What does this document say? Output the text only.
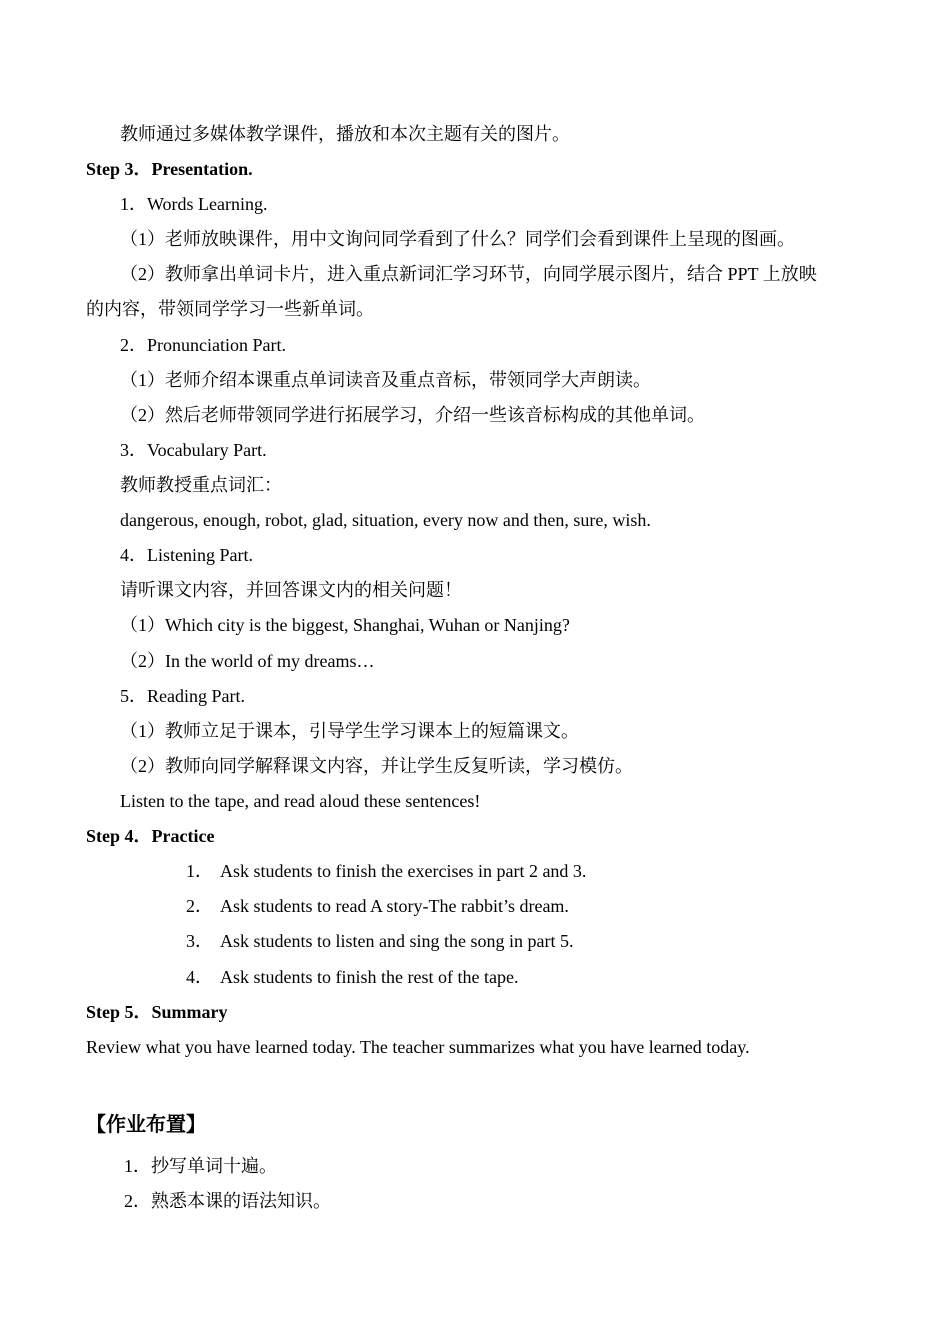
教师通过多媒体教学课件，播放和本次主题有关的图片。
Step 3．Presentation.
1．Words Learning.
（1）老师放映课件，用中文询问同学看到了什么？同学们会看到课件上呈现的图画。
（2）教师拿出单词卡片，进入重点新词汇学习环节，向同学展示图片，结合 PPT 上放映
的内容，带领同学学习一些新单词。
2．Pronunciation Part.
（1）老师介绍本课重点单词读音及重点音标，带领同学大声朗读。
（2）然后老师带领同学进行拓展学习，介绍一些该音标构成的其他单词。
3．Vocabulary Part.
教师教授重点词汇：
dangerous, enough, robot, glad, situation, every now and then, sure, wish.
4．Listening Part.
请听课文内容，并回答课文内的相关问题！
（1）Which city is the biggest, Shanghai, Wuhan or Nanjing?
（2）In the world of my dreams…
5．Reading Part.
（1）教师立足于课本，引导学生学习课本上的短篇课文。
（2）教师向同学解释课文内容，并让学生反复听读，学习模仿。
Listen to the tape, and read aloud these sentences!
Step 4．Practice
1． Ask students to finish the exercises in part 2 and 3.
2． Ask students to read A story-The rabbit’s dream.
3． Ask students to listen and sing the song in part 5.
4． Ask students to finish the rest of the tape.
Step 5．Summary
Review what you have learned today. The teacher summarizes what you have learned today.
【作业布置】
1．抄写单词十遍。
2．熟悉本课的语法知识。
